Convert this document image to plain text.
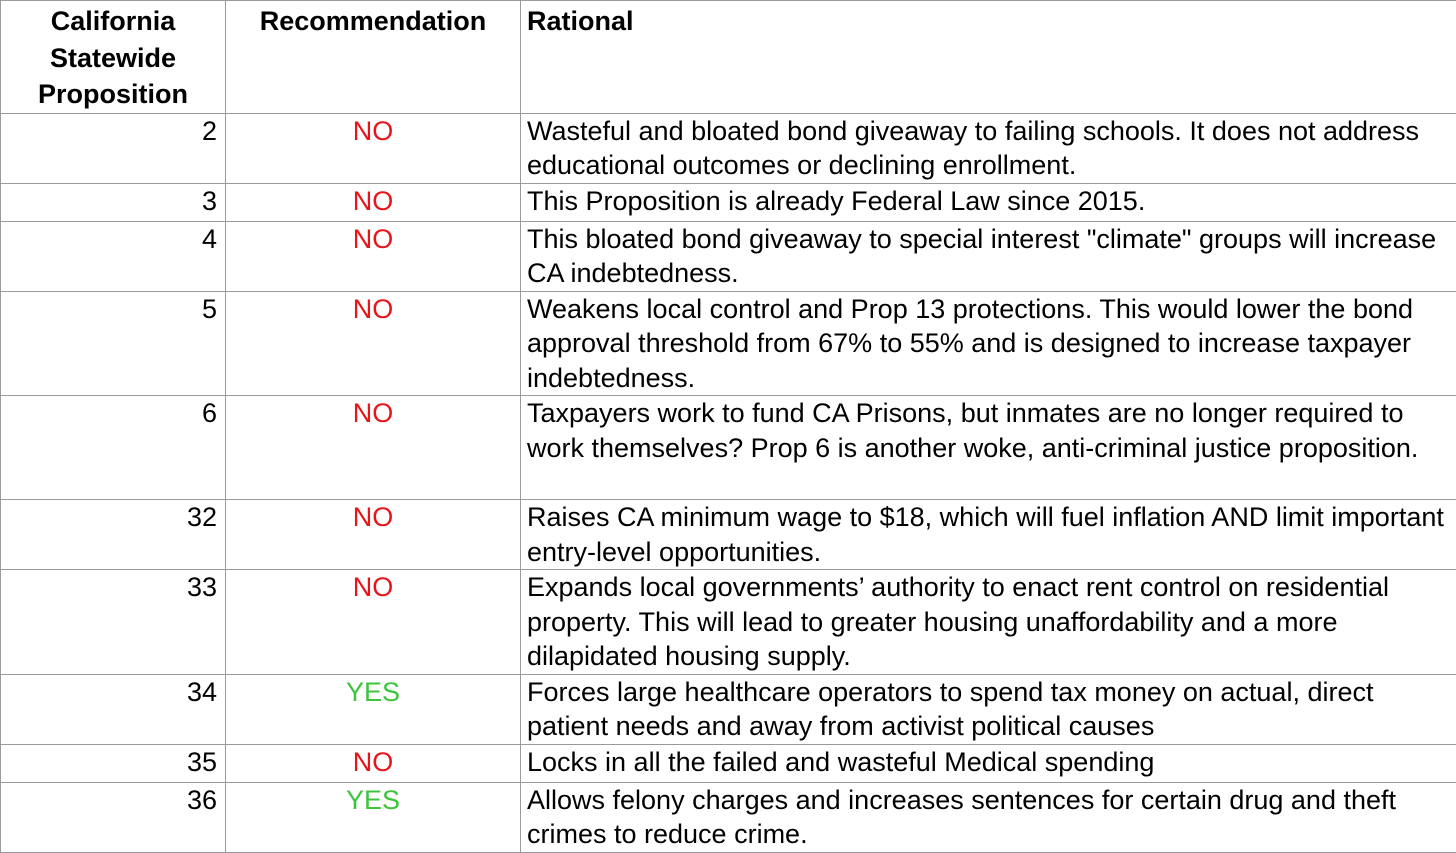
California Statewide Proposition	Recommendation	Rational
2	NO	Wasteful and bloated bond giveaway to failing schools. It does not address educational outcomes or declining enrollment.
3	NO	This Proposition is already Federal Law since 2015.
4	NO	This bloated bond giveaway to special interest "climate" groups will increase CA indebtedness.
5	NO	Weakens local control and Prop 13 protections. This would lower the bond approval threshold from 67% to 55% and is designed to increase taxpayer indebtedness.
6	NO	Taxpayers work to fund CA Prisons, but inmates are no longer required to work themselves? Prop 6 is another woke, anti-criminal justice proposition.
32	NO	Raises CA minimum wage to $18, which will fuel inflation AND limit important entry-level opportunities.
33	NO	Expands local governments’ authority to enact rent control on residential property. This will lead to greater housing unaffordability and a more dilapidated housing supply.
34	YES	Forces large healthcare operators to spend tax money on actual, direct patient needs and away from activist political causes
35	NO	Locks in all the failed and wasteful Medical spending
36	YES	Allows felony charges and increases sentences for certain drug and theft crimes to reduce crime.
